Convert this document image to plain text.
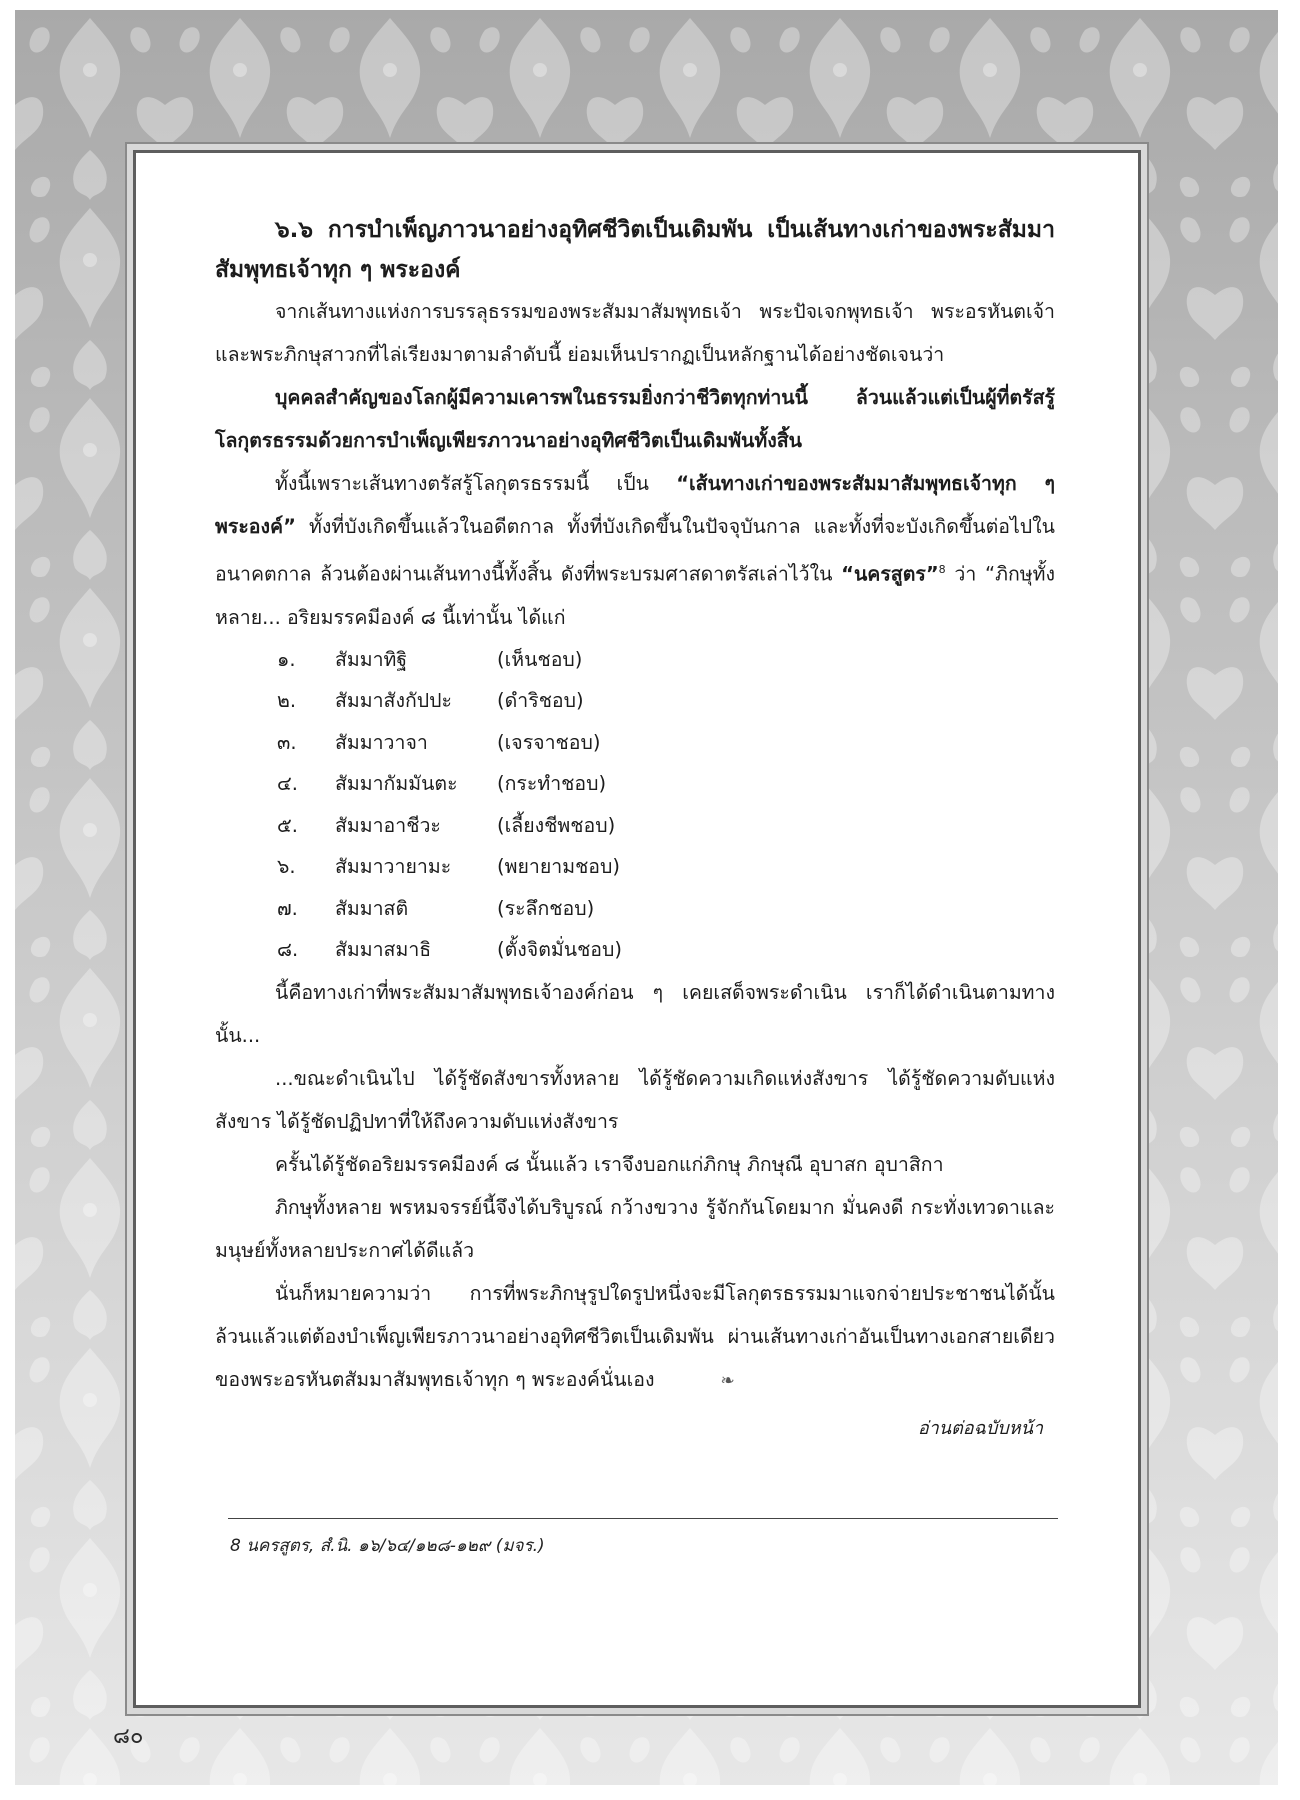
๖.๖ การบำเพ็ญภาวนาอย่างอุทิศชีวิตเป็นเดิมพัน เป็นเส้นทางเก่าของพระสัมมาสัมพุทธเจ้าทุก ๆ พระองค์

จากเส้นทางแห่งการบรรลุธรรมของพระสัมมาสัมพุทธเจ้า พระปัจเจกพุทธเจ้า พระอรหันตเจ้า และพระภิกษุสาวกที่ไล่เรียงมาตามลำดับนี้ ย่อมเห็นปรากฏเป็นหลักฐานได้อย่างชัดเจนว่า

บุคคลสำคัญของโลกผู้มีความเคารพในธรรมยิ่งกว่าชีวิตทุกท่านนี้ ล้วนแล้วแต่เป็นผู้ที่ตรัสรู้โลกุตรธรรมด้วยการบำเพ็ญเพียรภาวนาอย่างอุทิศชีวิตเป็นเดิมพันทั้งสิ้น

ทั้งนี้เพราะเส้นทางตรัสรู้โลกุตรธรรมนี้ เป็น “เส้นทางเก่าของพระสัมมาสัมพุทธเจ้าทุก ๆ พระองค์” ทั้งที่บังเกิดขึ้นแล้วในอดีตกาล ทั้งที่บังเกิดขึ้นในปัจจุบันกาล และทั้งที่จะบังเกิดขึ้นต่อไปในอนาคตกาล ล้วนต้องผ่านเส้นทางนี้ทั้งสิ้น ดังที่พระบรมศาสดาตรัสเล่าไว้ใน “นครสูตร”$^8$ ว่า “ภิกษุทั้งหลาย... อริยมรรคมีองค์ ๘ นี้เท่านั้น ได้แก่

๑. สัมมาทิฐิ	(เห็นชอบ)
๒. สัมมาสังกัปปะ (ดำริชอบ)
๓. สัมมาวาจา	(เจรจาชอบ)
๔. สัมมากัมมันตะ (กระทำชอบ)
๕. สัมมาอาชีวะ	(เลี้ยงชีพชอบ)
๖. สัมมาวายามะ (พยายามชอบ)
๗. สัมมาสติ	(ระลึกชอบ)
๘. สัมมาสมาธิ	(ตั้งจิตมั่นชอบ)

นี้คือทางเก่าที่พระสัมมาสัมพุทธเจ้าองค์ก่อน ๆ เคยเสด็จพระดำเนิน เราก็ได้ดำเนินตามทางนั้น...

...ขณะดำเนินไป ได้รู้ชัดสังขารทั้งหลาย ได้รู้ชัดความเกิดแห่งสังขาร ได้รู้ชัดความดับแห่งสังขาร ได้รู้ชัดปฏิปทาที่ให้ถึงความดับแห่งสังขาร

ครั้นได้รู้ชัดอริยมรรคมีองค์ ๘ นั้นแล้ว เราจึงบอกแก่ภิกษุ ภิกษุณี อุบาสก อุบาสิกา

ภิกษุทั้งหลาย พรหมจรรย์นี้จึงได้บริบูรณ์ กว้างขวาง รู้จักกันโดยมาก มั่นคงดี กระทั่งเทวดาและมนุษย์ทั้งหลายประกาศได้ดีแล้ว

นั่นก็หมายความว่า การที่พระภิกษุรูปใดรูปหนึ่งจะมีโลกุตรธรรมมาแจกจ่ายประชาชนได้นั้น ล้วนแล้วแต่ต้องบำเพ็ญเพียรภาวนาอย่างอุทิศชีวิตเป็นเดิมพัน ผ่านเส้นทางเก่าอันเป็นทางเอกสายเดียวของพระอรหันตสัมมาสัมพุทธเจ้าทุก ๆ พระองค์นั่นเอง	❧

อ่านต่อฉบับหน้า

8 นครสูตร, สํ.นิ. ๑๖/๖๔/๑๒๘-๑๒๙ (มจร.)
๘๐
